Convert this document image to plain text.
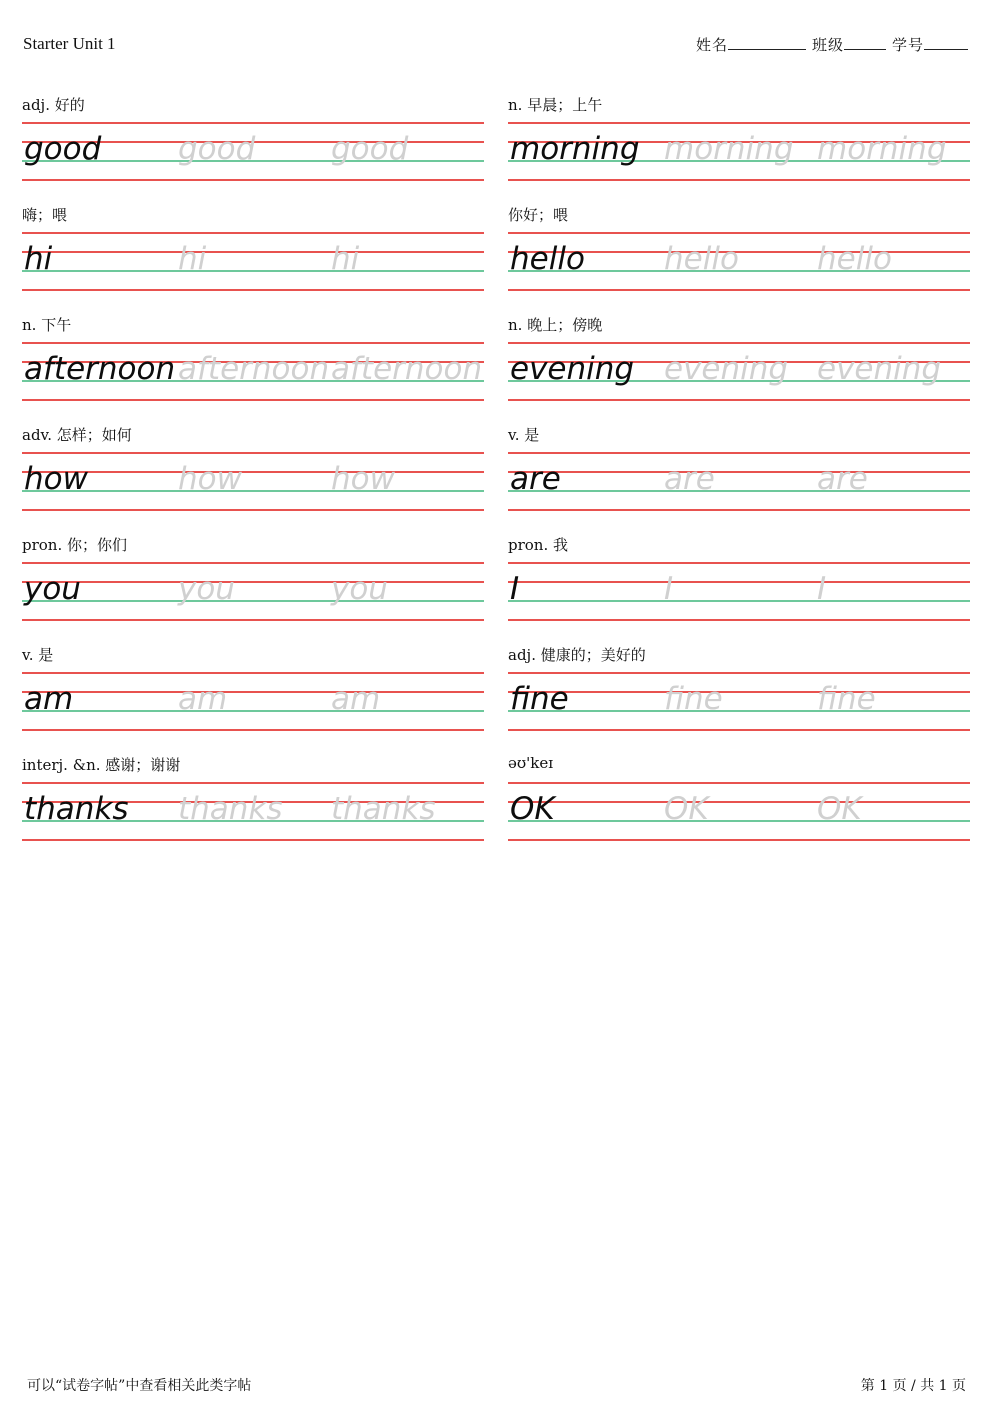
Starter Unit 1	姓名	班级	学号
adj. 好的
good good good
嗨；喂
hi	hi	hi
n. 下午
afternoon afternoon afternoon
adv. 怎样；如何
how	how	how
pron. 你；你们
you	you	you
v. 是
am	am	am
interj. &n. 感谢；谢谢
thanks thanks thanks
n. 早晨；上午
morning morning morning
你好；喂
hello	hello	hello
n. 晚上；傍晚
evening evening evening
v. 是
are	are	are
pron. 我
I	I	I
adj. 健康的；美好的
fine	fine	fine
əʊ'keɪ
OK	OK	OK
可以“试卷字帖”中查看相关此类字帖	第 1 页 / 共 1 页
